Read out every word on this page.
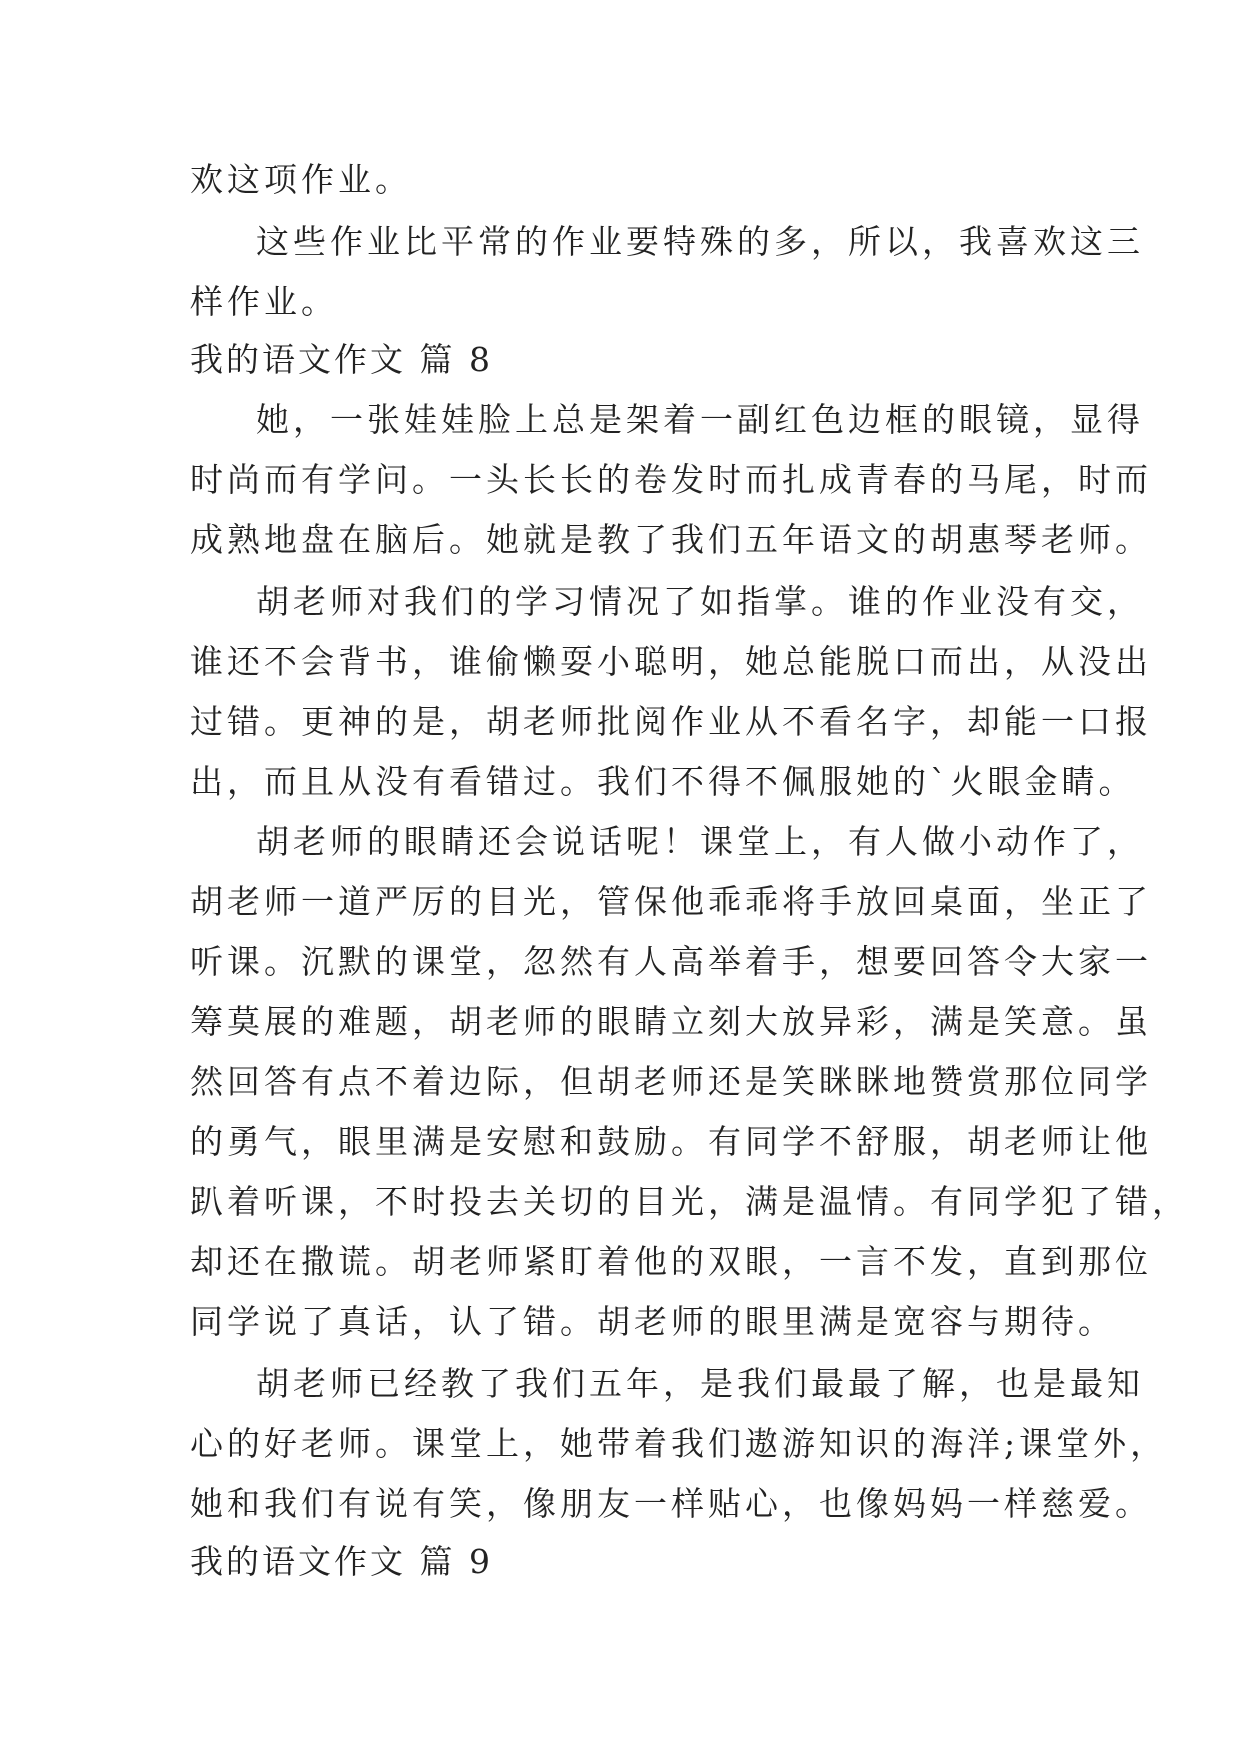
欢这项作业。
这些作业比平常的作业要特殊的多，所以，我喜欢这三
样作业。
我的语文作文 篇 8
她，一张娃娃脸上总是架着一副红色边框的眼镜，显得
时尚而有学问。一头长长的卷发时而扎成青春的马尾，时而
成熟地盘在脑后。她就是教了我们五年语文的胡惠琴老师。
胡老师对我们的学习情况了如指掌。谁的作业没有交，
谁还不会背书，谁偷懒耍小聪明，她总能脱口而出，从没出
过错。更神的是，胡老师批阅作业从不看名字，却能一口报
出，而且从没有看错过。我们不得不佩服她的`火眼金睛。
胡老师的眼睛还会说话呢！课堂上，有人做小动作了，
胡老师一道严厉的目光，管保他乖乖将手放回桌面，坐正了
听课。沉默的课堂，忽然有人高举着手，想要回答令大家一
筹莫展的难题，胡老师的眼睛立刻大放异彩，满是笑意。虽
然回答有点不着边际，但胡老师还是笑眯眯地赞赏那位同学
的勇气，眼里满是安慰和鼓励。有同学不舒服，胡老师让他
趴着听课，不时投去关切的目光，满是温情。有同学犯了错，
却还在撒谎。胡老师紧盯着他的双眼，一言不发，直到那位
同学说了真话，认了错。胡老师的眼里满是宽容与期待。
胡老师已经教了我们五年，是我们最最了解，也是最知
心的好老师。课堂上，她带着我们遨游知识的海洋;课堂外，
她和我们有说有笑，像朋友一样贴心，也像妈妈一样慈爱。
我的语文作文 篇 9
